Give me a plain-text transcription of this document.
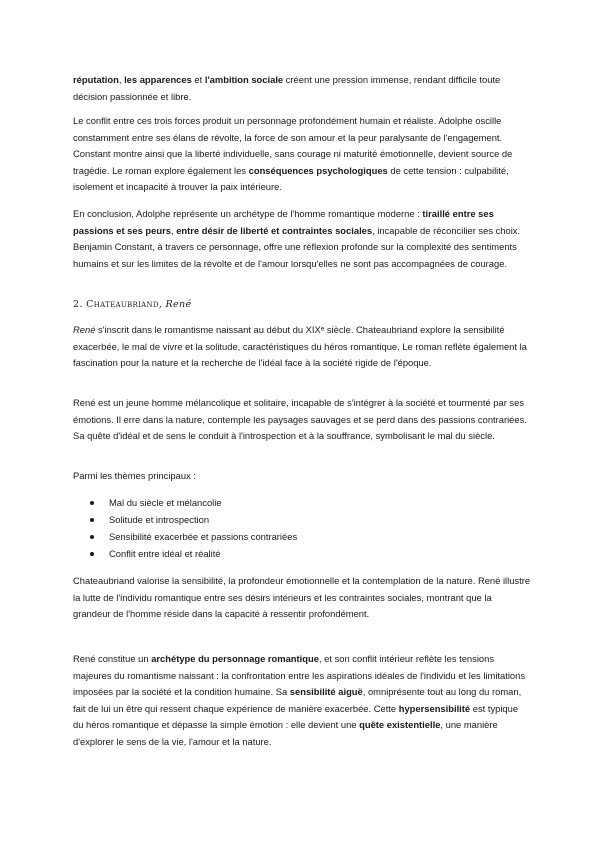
réputation, les apparences et l'ambition sociale créent une pression immense, rendant difficile toute décision passionnée et libre.

Le conflit entre ces trois forces produit un personnage profondément humain et réaliste. Adolphe oscille constamment entre ses élans de révolte, la force de son amour et la peur paralysante de l'engagement. Constant montre ainsi que la liberté individuelle, sans courage ni maturité émotionnelle, devient source de tragédie. Le roman explore également les conséquences psychologiques de cette tension : culpabilité, isolement et incapacité à trouver la paix intérieure.

En conclusion, Adolphe représente un archétype de l'homme romantique moderne : tiraillé entre ses passions et ses peurs, entre désir de liberté et contraintes sociales, incapable de réconcilier ses choix. Benjamin Constant, à travers ce personnage, offre une réflexion profonde sur la complexité des sentiments humains et sur les limites de la révolte et de l'amour lorsqu'elles ne sont pas accompagnées de courage.

2. Chateaubriand, René

René s'inscrit dans le romantisme naissant au début du XIXᵉ siècle. Chateaubriand explore la sensibilité exacerbée, le mal de vivre et la solitude, caractéristiques du héros romantique. Le roman reflète également la fascination pour la nature et la recherche de l'idéal face à la société rigide de l'époque.

René est un jeune homme mélancolique et solitaire, incapable de s'intégrer à la société et tourmenté par ses émotions. Il erre dans la nature, contemple les paysages sauvages et se perd dans des passions contrariées. Sa quête d'idéal et de sens le conduit à l'introspection et à la souffrance, symbolisant le mal du siècle.

Parmi les thèmes principaux :

Mal du siècle et mélancolie
Solitude et introspection
Sensibilité exacerbée et passions contrariées
Conflit entre idéal et réalité

Chateaubriand valorise la sensibilité, la profondeur émotionnelle et la contemplation de la nature. René illustre la lutte de l'individu romantique entre ses désirs intérieurs et les contraintes sociales, montrant que la grandeur de l'homme réside dans la capacité à ressentir profondément.

René constitue un archétype du personnage romantique, et son conflit intérieur reflète les tensions majeures du romantisme naissant : la confrontation entre les aspirations idéales de l'individu et les limitations imposées par la société et la condition humaine. Sa sensibilité aiguë, omniprésente tout au long du roman, fait de lui un être qui ressent chaque expérience de manière exacerbée. Cette hypersensibilité est typique du héros romantique et dépasse la simple émotion : elle devient une quête existentielle, une manière d'explorer le sens de la vie, l'amour et la nature.
